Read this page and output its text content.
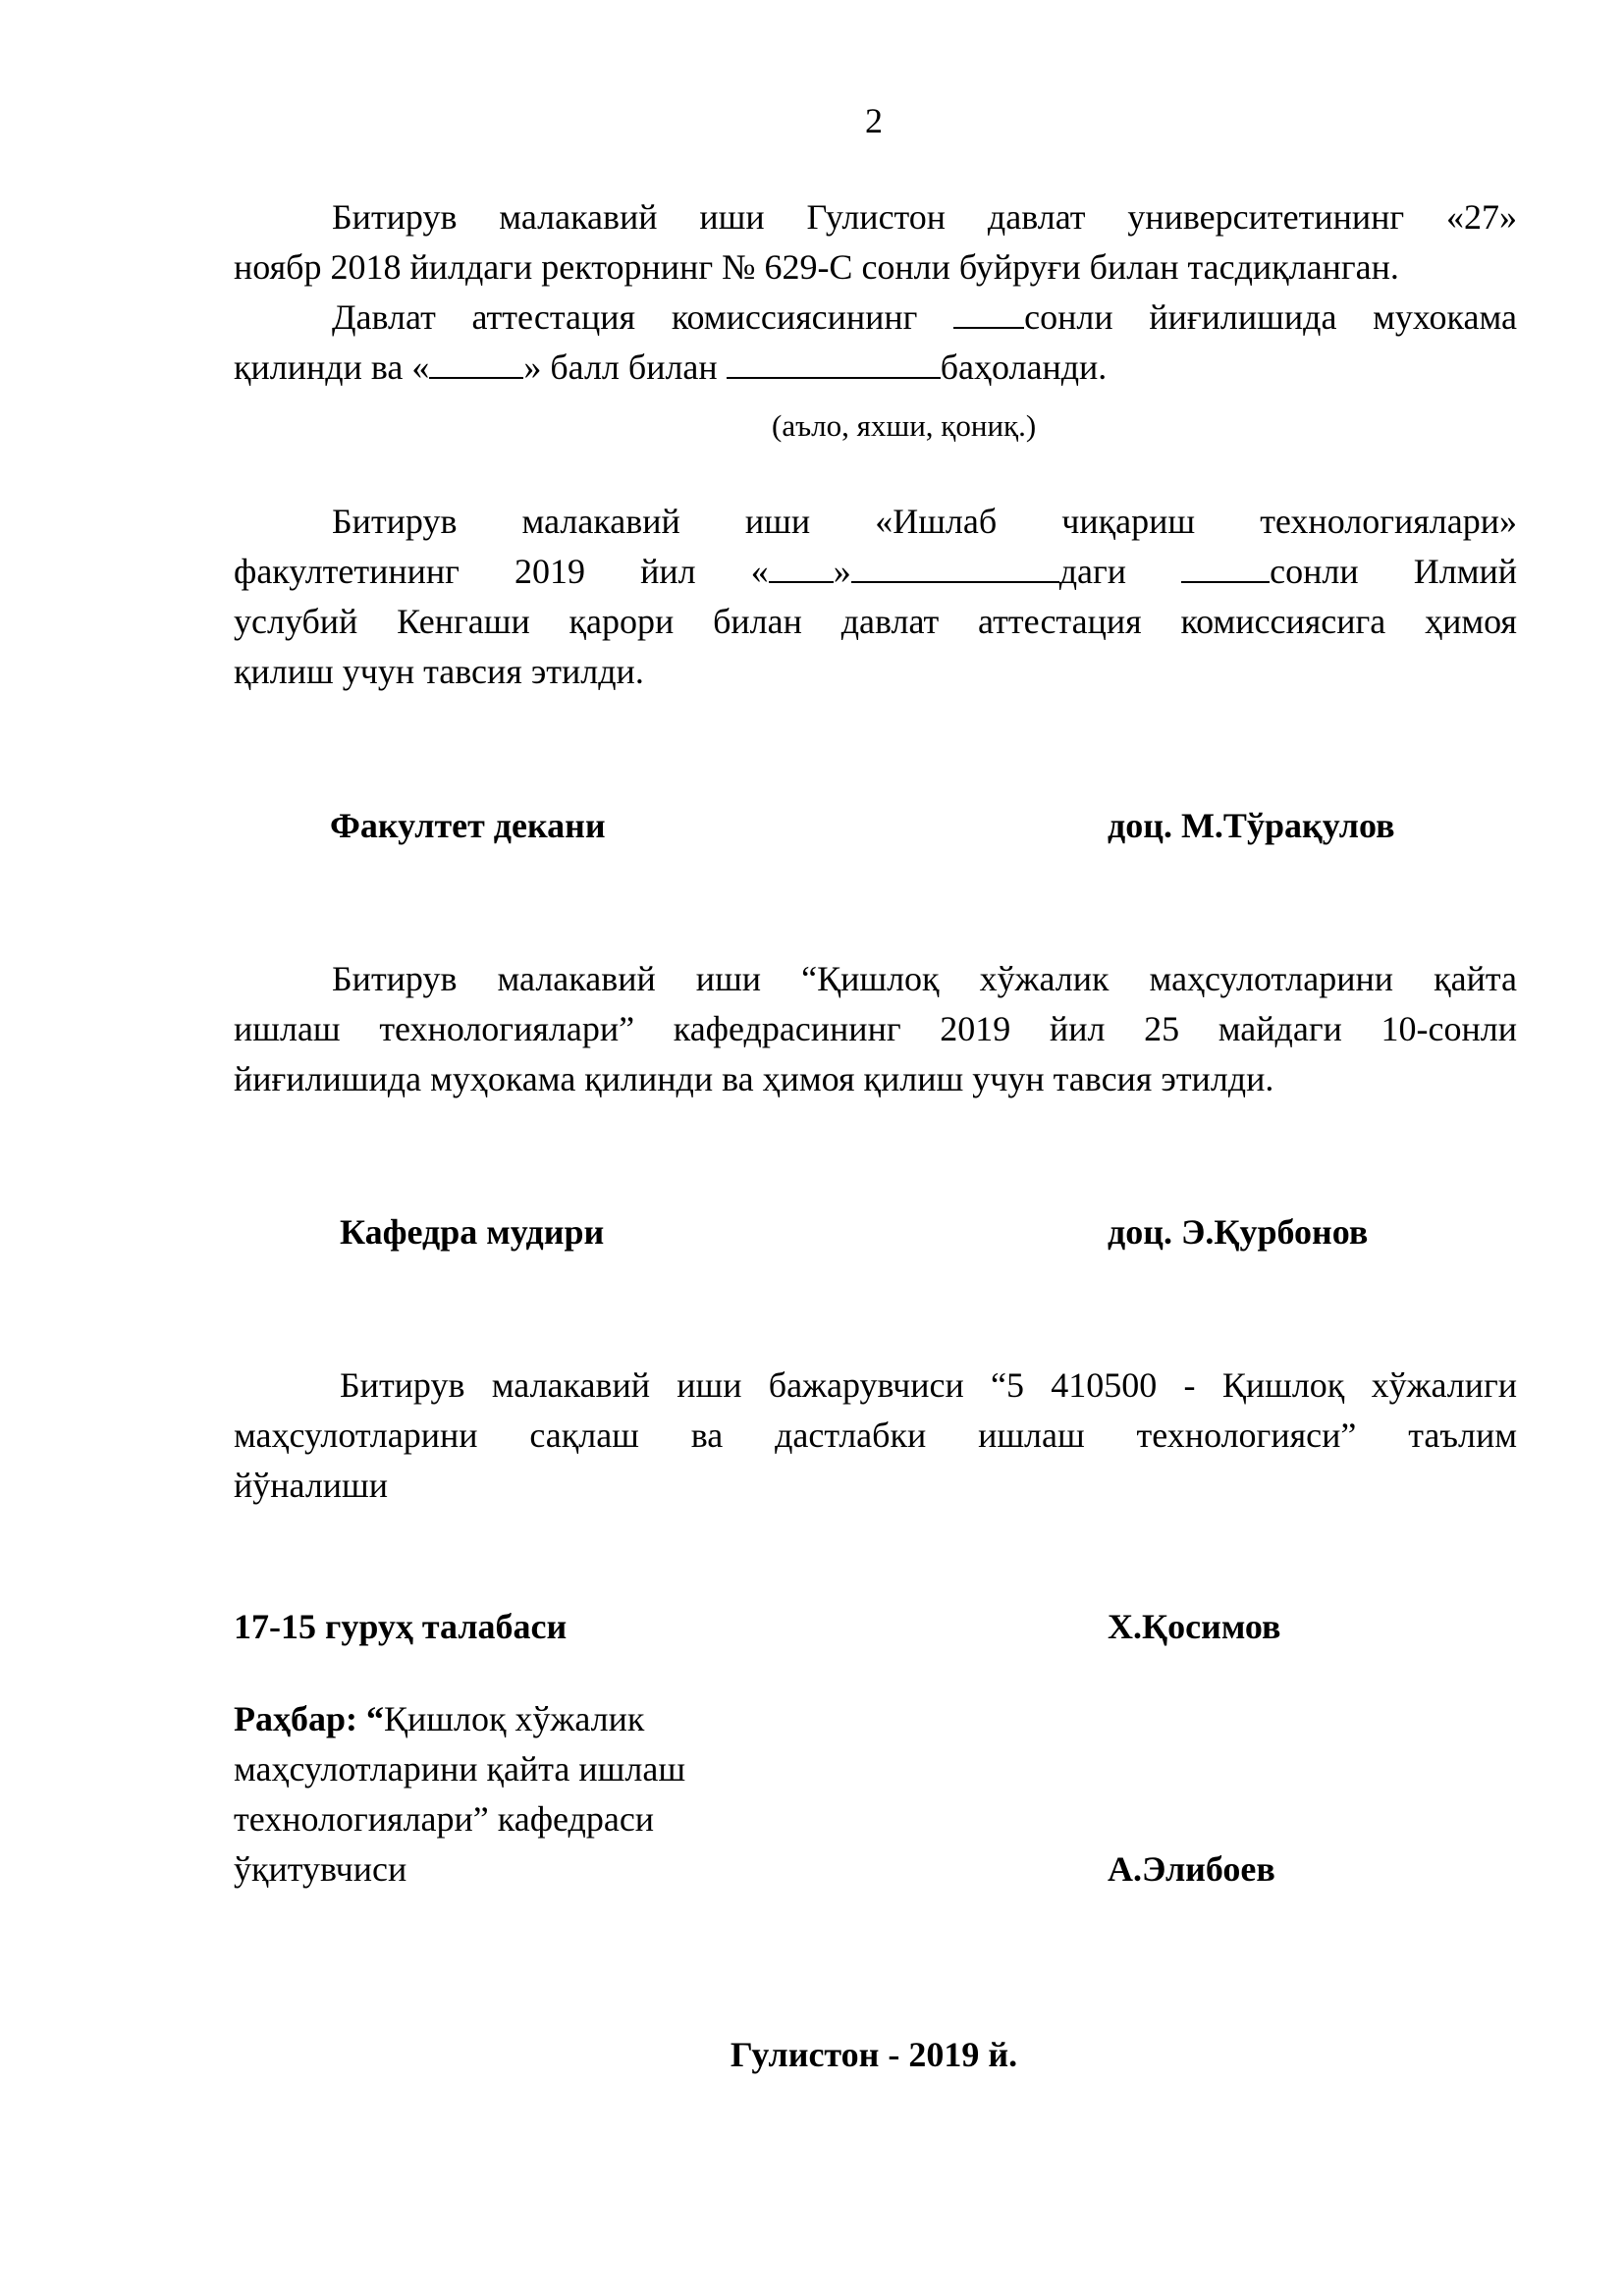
2

Битирув малакавий иши Гулистон давлат университетининг «27»

ноябр 2018 йилдаги ректорнинг № 629-С сонли буйруғи билан тасдиқланган.

Давлат аттестация комиссиясининг сонли йиғилишида мухокама

қилинди ва «	» балл билан	баҳоланди.
(аъло, яхши, қониқ.)

Битирув малакавий иши «Ишлаб чиқариш технологиялари»

факултетининг 2019 йил « »	даги	сонли Илмий
услубий Кенгаши қарори билан давлат аттестация комиссиясига ҳимоя
қилиш учун тавсия этилди.
Факултет декани	доц. М.Тўрақулов

Битирув малакавий иши “Қишлоқ хўжалик маҳсулотларини қайта

ишлаш технологиялари” кафедрасининг 2019 йил 25 майдаги 10-сонли
йиғилишида муҳокама қилинди ва ҳимоя қилиш учун тавсия этилди.
Кафедра мудири	доц. Э.Қурбонов

Битирув малакавий иши бажарувчиси “5 410500 - Қишлоқ хўжалиги

маҳсулотларини сақлаш ва дастлабки ишлаш технологияси” таълим
йўналиши
17-15 гуруҳ талабаси	Х.Қосимов
Раҳбар: “Қишлоқ хўжалик
маҳсулотларини қайта ишлаш
технологиялари” кафедраси
ўқитувчиси	А.Элибоев
Гулистон - 2019 й.
